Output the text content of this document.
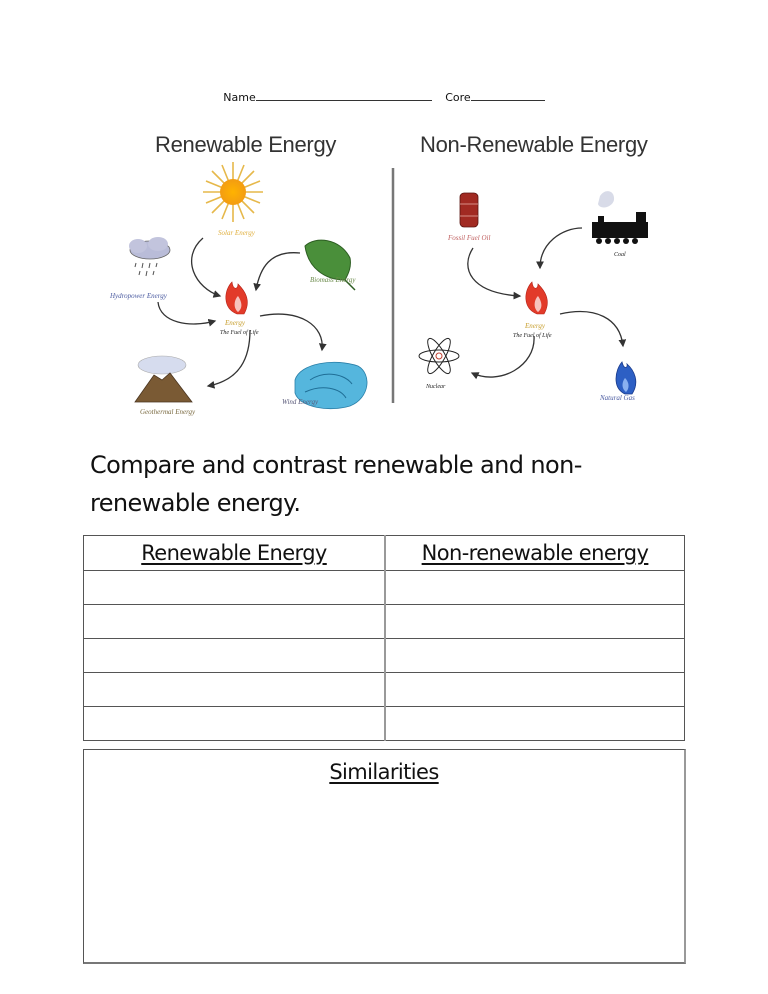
Name	Core
Renewable Energy
Solar Energy
Biomass Energy
Hydropower Energy
Energy
The Fuel of Life
Geothermal Energy
Wind Energy
Non-Renewable Energy
Fossil Fuel Oil
Coal
Energy
The Fuel of Life
Nuclear
Natural Gas
Compare and contrast renewable and non-
renewable energy.
Renewable Energy	Non-renewable energy

Similarities
